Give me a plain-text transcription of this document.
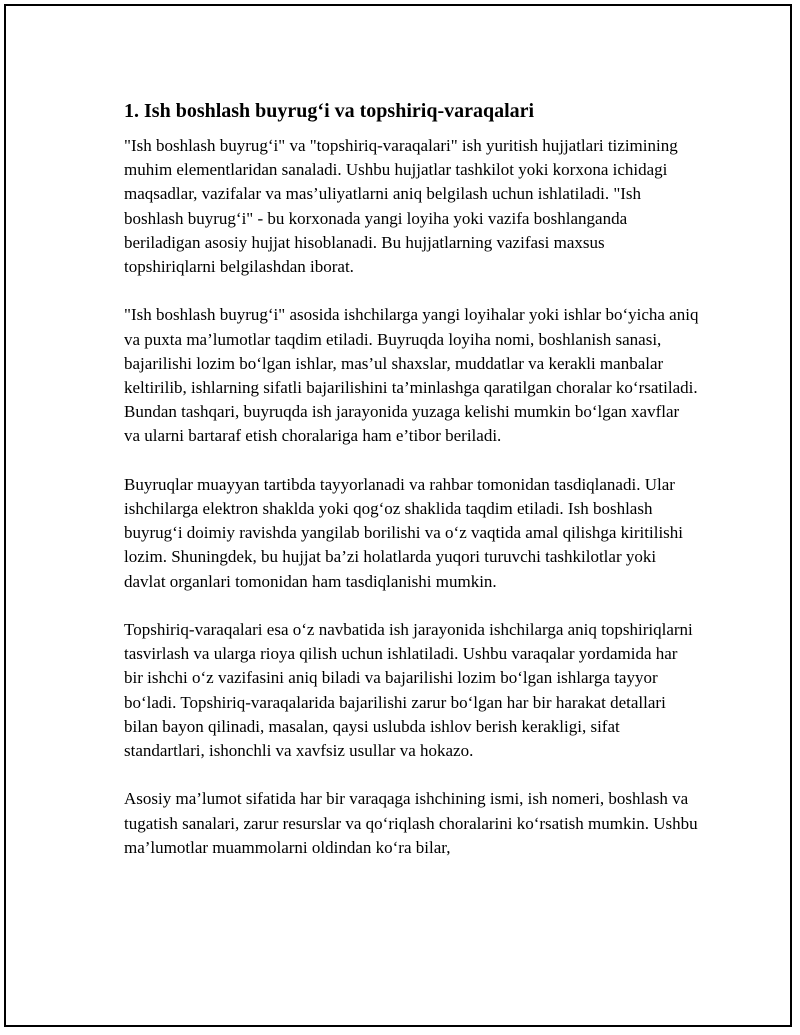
1. Ish boshlash buyrug‘i va topshiriq-varaqalari

"Ish boshlash buyrug‘i" va "topshiriq-varaqalari" ish yuritish hujjatlari tizimining muhim elementlaridan sanaladi. Ushbu hujjatlar tashkilot yoki korxona ichidagi maqsadlar, vazifalar va mas’uliyatlarni aniq belgilash uchun ishlatiladi. "Ish boshlash buyrug‘i" - bu korxonada yangi loyiha yoki vazifa boshlanganda beriladigan asosiy hujjat hisoblanadi. Bu hujjatlarning vazifasi maxsus topshiriqlarni belgilashdan iborat.

"Ish boshlash buyrug‘i" asosida ishchilarga yangi loyihalar yoki ishlar bo‘yicha aniq va puxta ma’lumotlar taqdim etiladi. Buyruqda loyiha nomi, boshlanish sanasi, bajarilishi lozim bo‘lgan ishlar, mas’ul shaxslar, muddatlar va kerakli manbalar keltirilib, ishlarning sifatli bajarilishini ta’minlashga qaratilgan choralar ko‘rsatiladi. Bundan tashqari, buyruqda ish jarayonida yuzaga kelishi mumkin bo‘lgan xavflar va ularni bartaraf etish choralariga ham e’tibor beriladi.

Buyruqlar muayyan tartibda tayyorlanadi va rahbar tomonidan tasdiqlanadi. Ular ishchilarga elektron shaklda yoki qog‘oz shaklida taqdim etiladi. Ish boshlash buyrug‘i doimiy ravishda yangilab borilishi va o‘z vaqtida amal qilishga kiritilishi lozim. Shuningdek, bu hujjat ba’zi holatlarda yuqori turuvchi tashkilotlar yoki davlat organlari tomonidan ham tasdiqlanishi mumkin.

Topshiriq-varaqalari esa o‘z navbatida ish jarayonida ishchilarga aniq topshiriqlarni tasvirlash va ularga rioya qilish uchun ishlatiladi. Ushbu varaqalar yordamida har bir ishchi o‘z vazifasini aniq biladi va bajarilishi lozim bo‘lgan ishlarga tayyor bo‘ladi. Topshiriq-varaqalarida bajarilishi zarur bo‘lgan har bir harakat detallari bilan bayon qilinadi, masalan, qaysi uslubda ishlov berish kerakligi, sifat standartlari, ishonchli va xavfsiz usullar va hokazo.

Asosiy ma’lumot sifatida har bir varaqaga ishchining ismi, ish nomeri, boshlash va tugatish sanalari, zarur resurslar va qo‘riqlash choralarini ko‘rsatish mumkin. Ushbu ma’lumotlar muammolarni oldindan ko‘ra bilar,
